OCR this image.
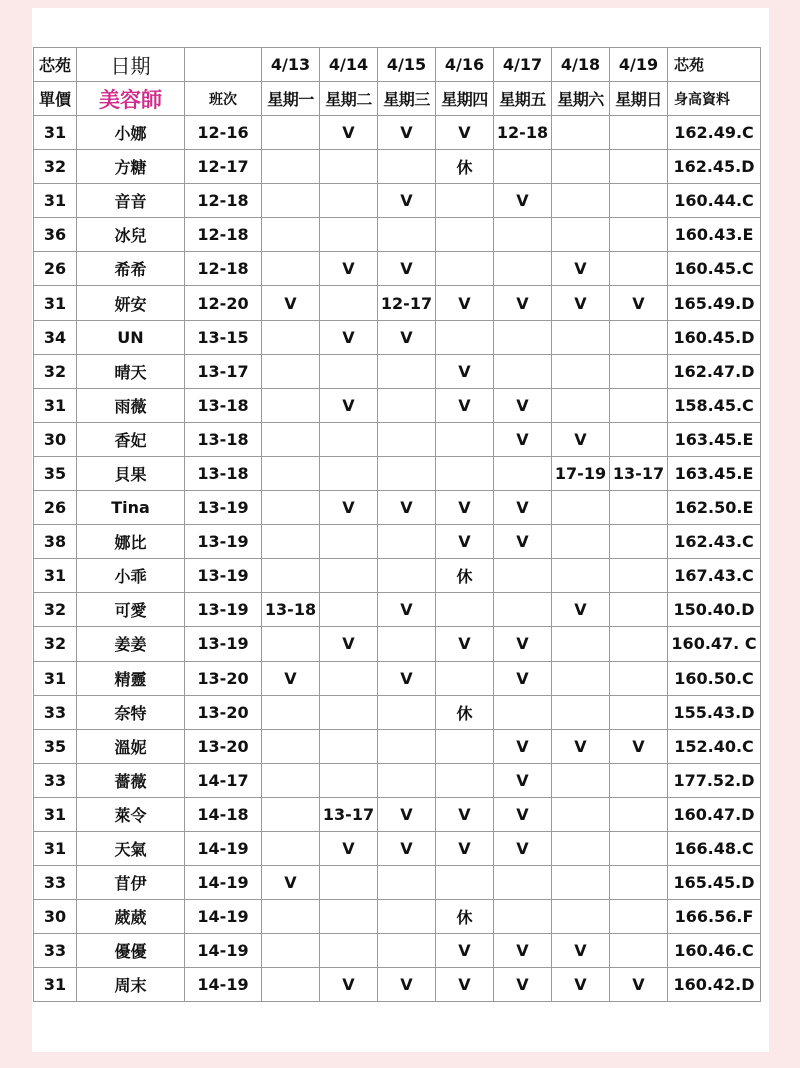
芯苑	日期		4/13	4/14	4/15	4/16	4/17	4/18	4/19	芯苑
單價	美容師	班次	星期一	星期二	星期三	星期四	星期五	星期六	星期日	身高資料
31	小娜	12-16		V	V	V	12-18			162.49.C
32	方糖	12-17				休				162.45.D
31	音音	12-18			V		V			160.44.C
36	冰兒	12-18								160.43.E
26	希希	12-18		V	V			V		160.45.C
31	妍安	12-20	V		12-17	V	V	V	V	165.49.D
34	UN	13-15		V	V					160.45.D
32	晴天	13-17				V				162.47.D
31	雨薇	13-18		V		V	V			158.45.C
30	香妃	13-18					V	V		163.45.E
35	貝果	13-18						17-19	13-17	163.45.E
26	Tina	13-19		V	V	V	V			162.50.E
38	娜比	13-19				V	V			162.43.C
31	小乖	13-19				休				167.43.C
32	可愛	13-19	13-18		V			V		150.40.D
32	姜姜	13-19		V		V	V			160.47. C
31	精靈	13-20	V		V		V			160.50.C
33	奈特	13-20				休				155.43.D
35	溫妮	13-20					V	V	V	152.40.C
33	薔薇	14-17					V			177.52.D
31	萊令	14-18		13-17	V	V	V			160.47.D
31	天氣	14-19		V	V	V	V			166.48.C
33	苜伊	14-19	V							165.45.D
30	葳葳	14-19				休				166.56.F
33	優優	14-19				V	V	V		160.46.C
31	周末	14-19		V	V	V	V	V	V	160.42.D
